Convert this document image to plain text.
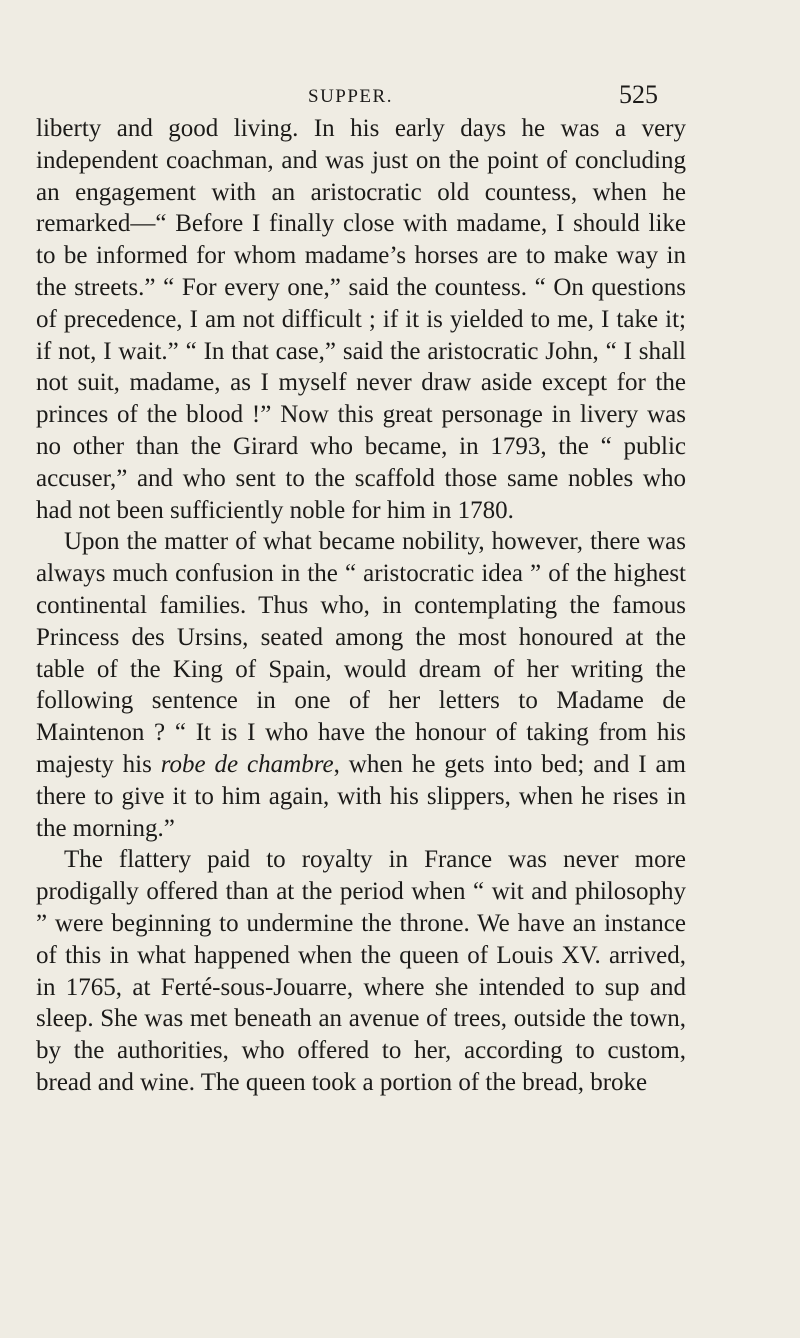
SUPPER.	525

liberty and good living. In his early days he was a very independent coachman, and was just on the point of concluding an engagement with an aristocratic old countess, when he remarked—“ Before I finally close with madame, I should like to be informed for whom madame’s horses are to make way in the streets.” “ For every one,” said the countess. “ On questions of precedence, I am not difficult ; if it is yielded to me, I take it; if not, I wait.” “ In that case,” said the aristocratic John, “ I shall not suit, madame, as I myself never draw aside except for the princes of the blood !” Now this great personage in livery was no other than the Girard who became, in 1793, the “ public accuser,” and who sent to the scaffold those same nobles who had not been sufficiently noble for him in 1780.

Upon the matter of what became nobility, however, there was always much confusion in the “ aristocratic idea ” of the highest continental families. Thus who, in contemplating the famous Princess des Ursins, seated among the most honoured at the table of the King of Spain, would dream of her writing the following sentence in one of her letters to Madame de Maintenon ? “ It is I who have the honour of taking from his majesty his robe de chambre, when he gets into bed; and I am there to give it to him again, with his slippers, when he rises in the morning.”

The flattery paid to royalty in France was never more prodigally offered than at the period when “ wit and philosophy ” were beginning to undermine the throne. We have an instance of this in what happened when the queen of Louis XV. arrived, in 1765, at Ferté-sous-Jouarre, where she intended to sup and sleep. She was met beneath an avenue of trees, outside the town, by the authorities, who offered to her, according to custom, bread and wine. The queen took a portion of the bread, broke
